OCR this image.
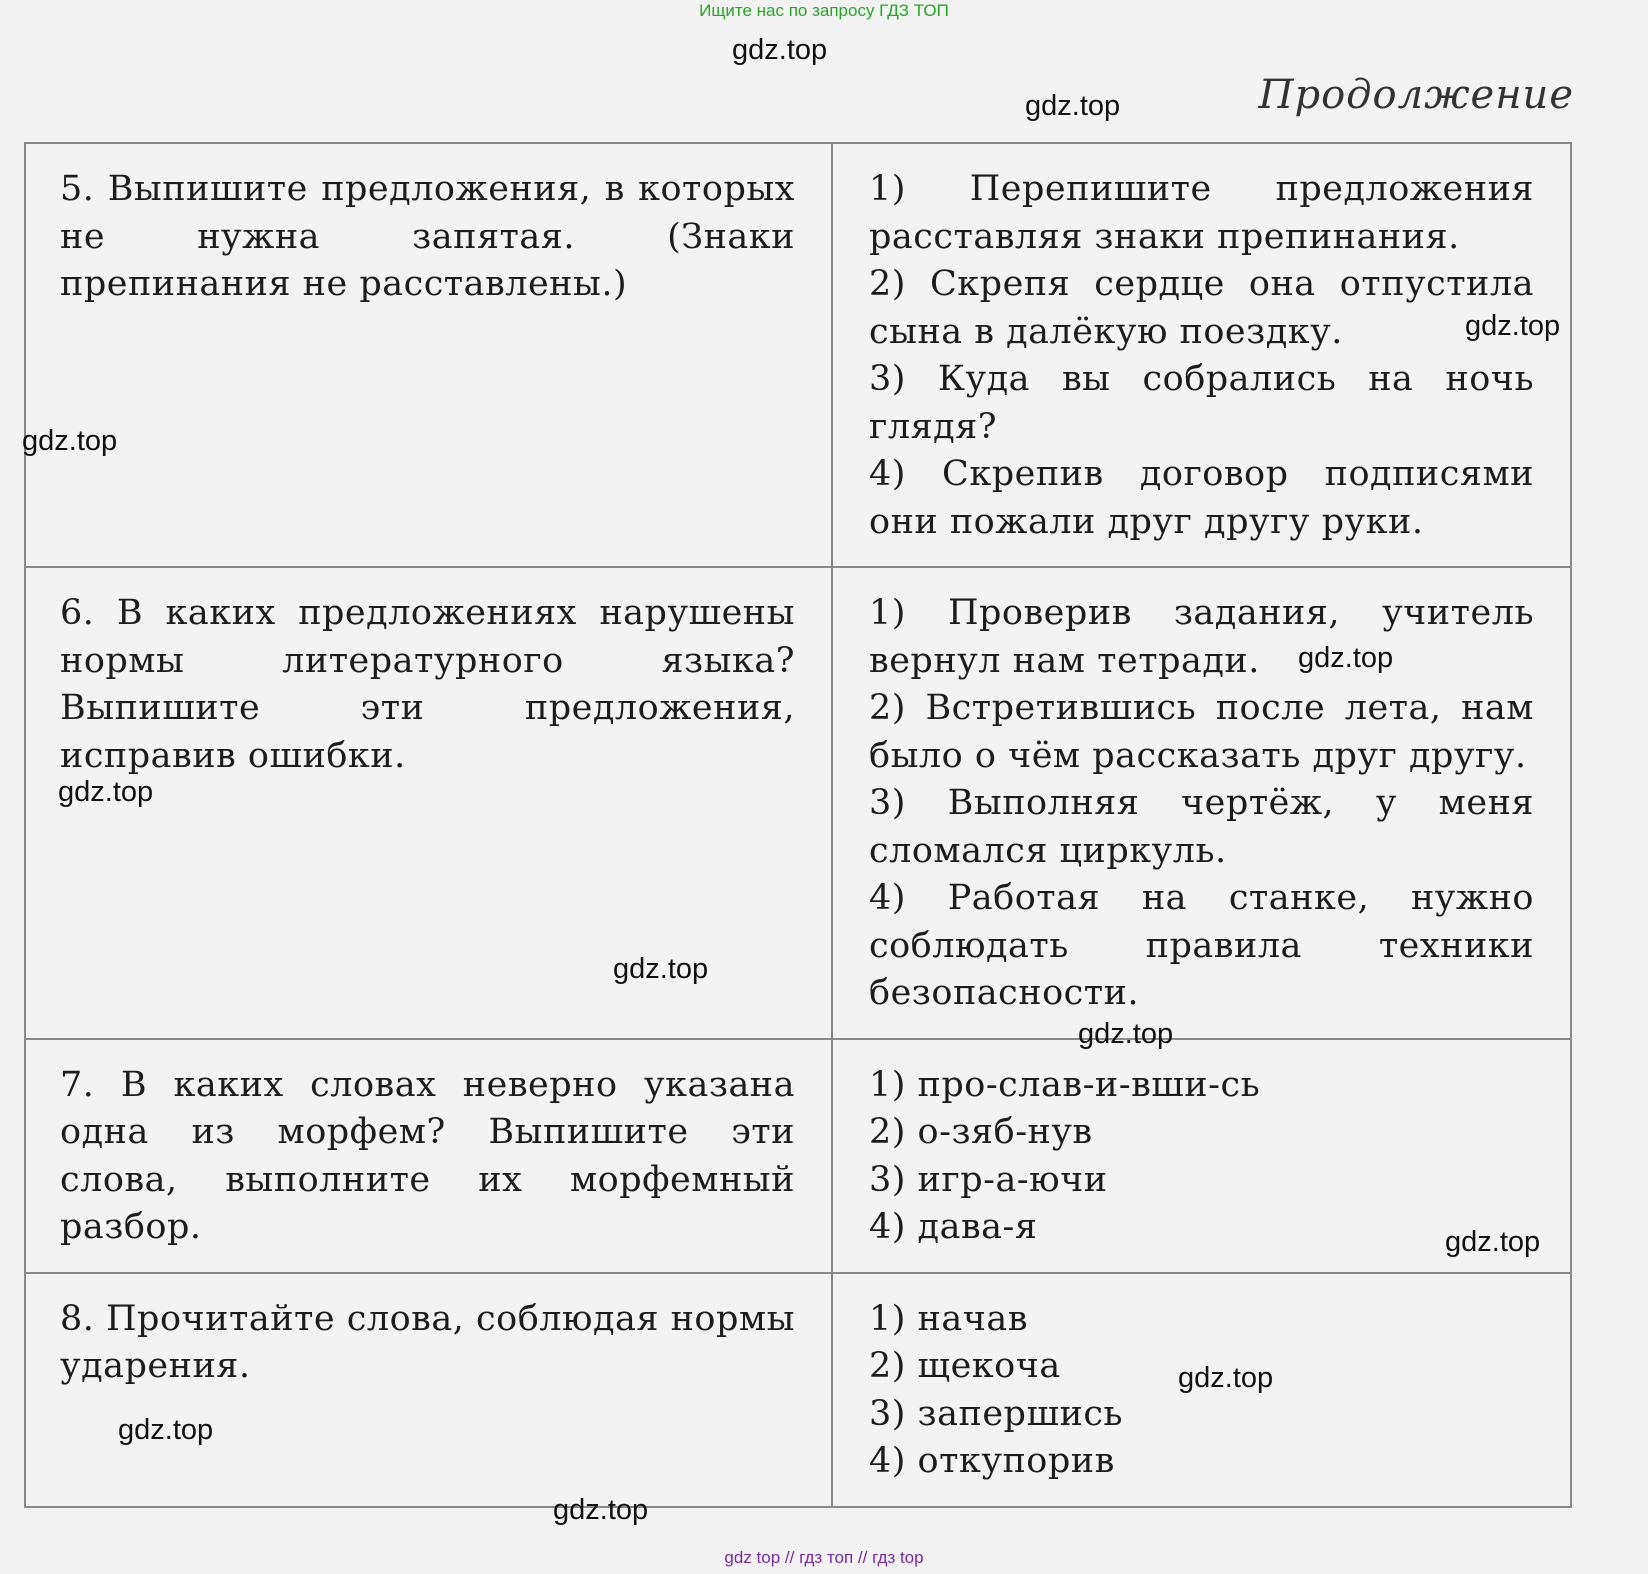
Ищите нас по запросу ГДЗ ТОП
Продолжение
5. Выпишите предложения, в которых не нужна запятая. (Знаки препинания не расставлены.)	1) Перепишите предложения расставляя знаки препинания.
2) Скрепя сердце она отпустила сына в далёкую поездку.
3) Куда вы собрались на ночь глядя?
4) Скрепив договор подписями они пожали друг другу руки.

6. В каких предложениях нарушены нормы литературного языка? Выпишите эти предложения, исправив ошибки.	1) Проверив задания, учитель вернул нам тетради.
2) Встретившись после лета, нам было о чём рассказать друг другу.
3) Выполняя чертёж, у меня сломался циркуль.
4) Работая на станке, нужно соблюдать правила техники безопасности.

7. В каких словах неверно указана одна из морфем? Выпишите эти слова, выполните их морфемный разбор.	1) про-слав-и-вши-сь
2) о-зяб-нув
3) игр-а-ючи
4) дава-я

8. Прочитайте слова, соблюдая нормы ударения.	1) начав
2) щекоча
3) запершись
4) откупорив
gdz.top
gdz.top
gdz.top
gdz.top
gdz.top
gdz.top
gdz.top
gdz.top
gdz.top
gdz.top
gdz.top
gdz.top
gdz top // гдз топ // гдз top
